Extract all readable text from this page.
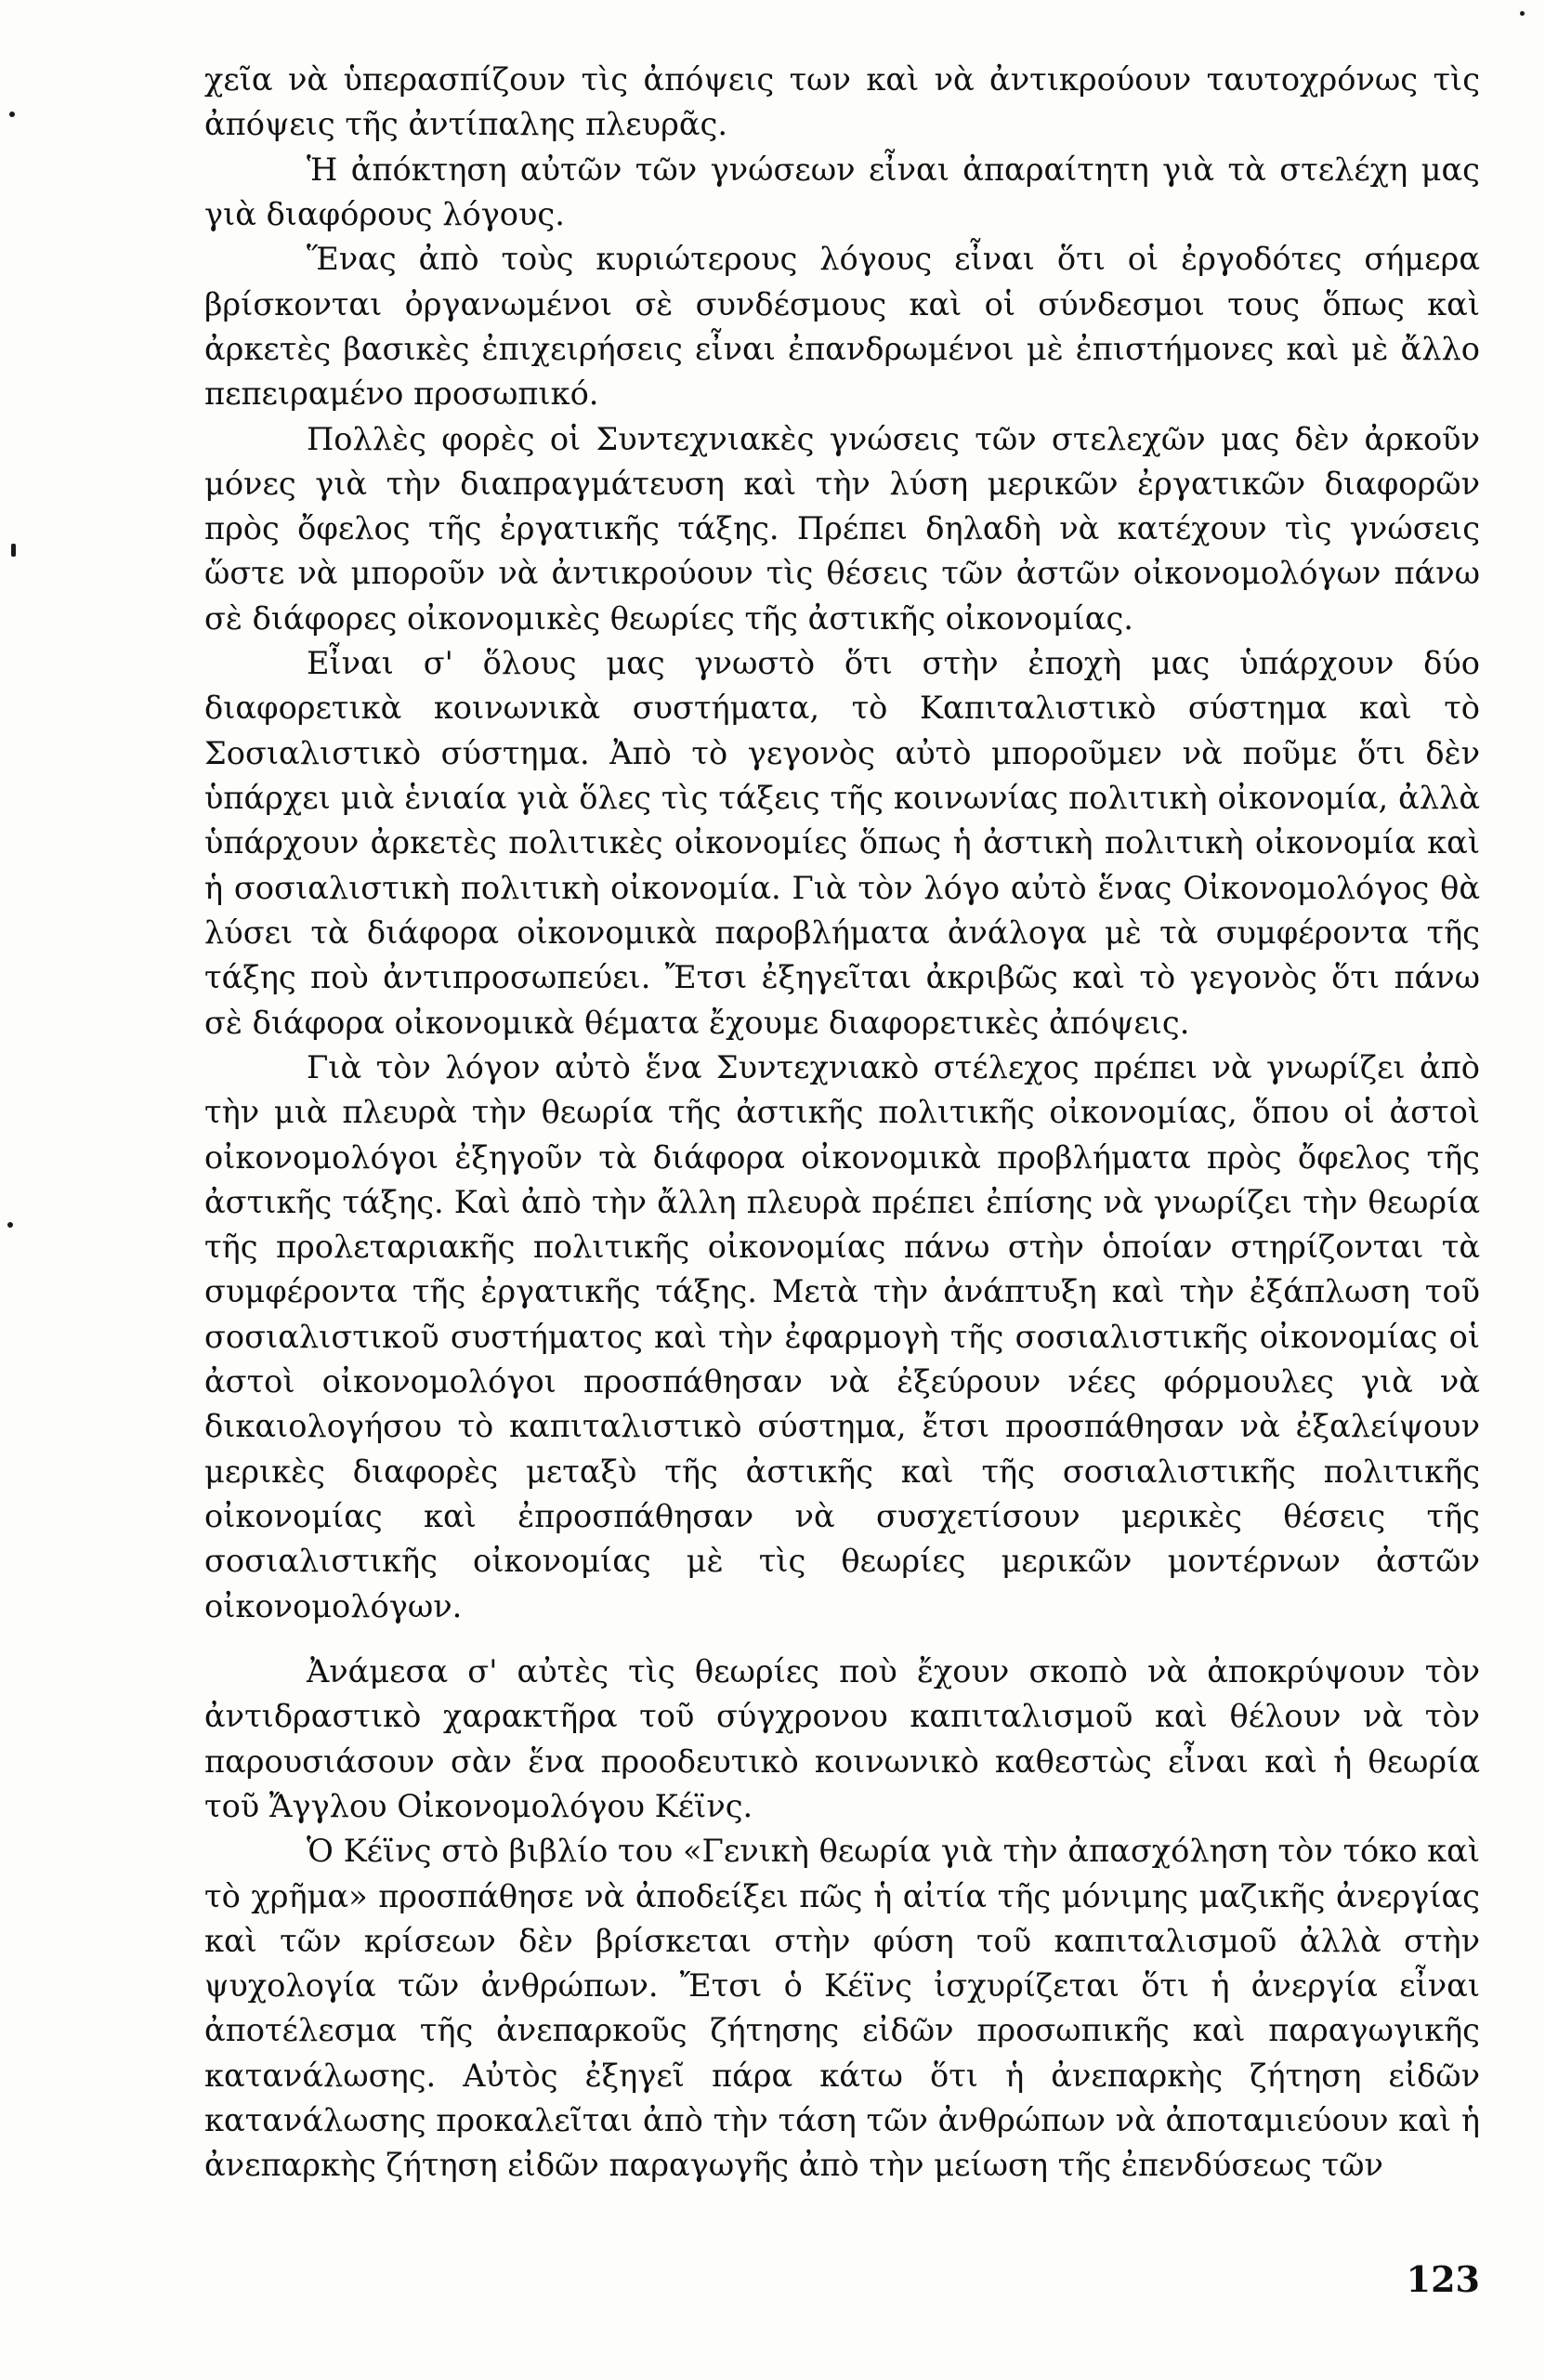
χεῖα νὰ ὑπερασπίζουν τὶς ἀπόψεις των καὶ νὰ ἀντικρούουν ταυτοχρόνως τὶς ἀπόψεις τῆς ἀντίπαλης πλευρᾶς.

Ἡ ἀπόκτηση αὐτῶν τῶν γνώσεων εἶναι ἀπαραίτητη γιὰ τὰ στελέχη μας γιὰ διαφόρους λόγους.

Ἕνας ἀπὸ τοὺς κυριώτερους λόγους εἶναι ὅτι οἱ ἐργοδότες σήμερα βρίσκονται ὀργανωμένοι σὲ συνδέσμους καὶ οἱ σύνδεσμοι τους ὅπως καὶ ἀρκετὲς βασικὲς ἐπιχειρήσεις εἶναι ἐπανδρωμένοι μὲ ἐπιστήμονες καὶ μὲ ἄλλο πεπειραμένο προσωπικό.

Πολλὲς φορὲς οἱ Συντεχνιακὲς γνώσεις τῶν στελεχῶν μας δὲν ἀρκοῦν μόνες γιὰ τὴν διαπραγμάτευση καὶ τὴν λύση μερικῶν ἐργατικῶν διαφορῶν πρὸς ὄφελος τῆς ἐργατικῆς τάξης. Πρέπει δηλαδὴ νὰ κατέχουν τὶς γνώσεις ὥστε νὰ μποροῦν νὰ ἀντικρούουν τὶς θέσεις τῶν ἀστῶν οἰκονομολόγων πάνω σὲ διάφορες οἰκονομικὲς θεωρίες τῆς ἀστικῆς οἰκονομίας.

Εἶναι σ' ὅλους μας γνωστὸ ὅτι στὴν ἐποχὴ μας ὑπάρχουν δύο διαφορετικὰ κοινωνικὰ συστήματα, τὸ Καπιταλιστικὸ σύστημα καὶ τὸ Σοσιαλιστικὸ σύστημα. Ἀπὸ τὸ γεγονὸς αὐτὸ μποροῦμεν νὰ ποῦμε ὅτι δὲν ὑπάρχει μιὰ ἑνιαία γιὰ ὅλες τὶς τάξεις τῆς κοινωνίας πολιτικὴ οἰκονομία, ἀλλὰ ὑπάρχουν ἀρκετὲς πολιτικὲς οἰκονομίες ὅπως ἡ ἀστικὴ πολιτικὴ οἰκονομία καὶ ἡ σοσιαλιστικὴ πολιτικὴ οἰκονομία. Γιὰ τὸν λόγο αὐτὸ ἕνας Οἰκονομολόγος θὰ λύσει τὰ διάφορα οἰκονομικὰ παροβλήματα ἀνάλογα μὲ τὰ συμφέροντα τῆς τάξης ποὺ ἀντιπροσωπεύει. Ἔτσι ἐξηγεῖται ἀκριβῶς καὶ τὸ γεγονὸς ὅτι πάνω σὲ διάφορα οἰκονομικὰ θέματα ἔχουμε διαφορετικὲς ἀπόψεις.

Γιὰ τὸν λόγον αὐτὸ ἕνα Συντεχνιακὸ στέλεχος πρέπει νὰ γνωρίζει ἀπὸ τὴν μιὰ πλευρὰ τὴν θεωρία τῆς ἀστικῆς πολιτικῆς οἰκονομίας, ὅπου οἱ ἀστοὶ οἰκονομολόγοι ἐξηγοῦν τὰ διάφορα οἰκονομικὰ προβλήματα πρὸς ὄφελος τῆς ἀστικῆς τάξης. Καὶ ἀπὸ τὴν ἄλλη πλευρὰ πρέπει ἐπίσης νὰ γνωρίζει τὴν θεωρία τῆς προλεταριακῆς πολιτικῆς οἰκονομίας πάνω στὴν ὁποίαν στηρίζονται τὰ συμφέροντα τῆς ἐργατικῆς τάξης. Μετὰ τὴν ἀνάπτυξη καὶ τὴν ἐξάπλωση τοῦ σοσιαλιστικοῦ συστήματος καὶ τὴν ἐφαρμογὴ τῆς σοσιαλιστικῆς οἰκονομίας οἱ ἀστοὶ οἰκονομολόγοι προσπάθησαν νὰ ἐξεύρουν νέες φόρμουλες γιὰ νὰ δικαιολογήσου τὸ καπιταλιστικὸ σύστημα, ἔτσι προσπάθησαν νὰ ἐξαλείψουν μερικὲς διαφορὲς μεταξὺ τῆς ἀστικῆς καὶ τῆς σοσιαλιστικῆς πολιτικῆς οἰκονομίας καὶ ἐπροσπάθησαν νὰ συσχετίσουν μερικὲς θέσεις τῆς σοσιαλιστικῆς οἰκονομίας μὲ τὶς θεωρίες μερικῶν μοντέρνων ἀστῶν οἰκονομολόγων.

Ἀνάμεσα σ' αὐτὲς τὶς θεωρίες ποὺ ἔχουν σκοπὸ νὰ ἀποκρύψουν τὸν ἀντιδραστικὸ χαρακτῆρα τοῦ σύγχρονου καπιταλισμοῦ καὶ θέλουν νὰ τὸν παρουσιάσουν σὰν ἕνα προοδευτικὸ κοινωνικὸ καθεστὼς εἶναι καὶ ἡ θεωρία τοῦ Ἄγγλου Οἰκονομολόγου Κέϊνς.

Ὁ Κέϊνς στὸ βιβλίο του «Γενικὴ θεωρία γιὰ τὴν ἀπασχόληση τὸν τόκο καὶ τὸ χρῆμα» προσπάθησε νὰ ἀποδείξει πῶς ἡ αἰτία τῆς μόνιμης μαζικῆς ἀνεργίας καὶ τῶν κρίσεων δὲν βρίσκεται στὴν φύση τοῦ καπιταλισμοῦ ἀλλὰ στὴν ψυχολογία τῶν ἀνθρώπων. Ἔτσι ὁ Κέϊνς ἰσχυρίζεται ὅτι ἡ ἀνεργία εἶναι ἀποτέλεσμα τῆς ἀνεπαρκοῦς ζήτησης εἰδῶν προσωπικῆς καὶ παραγωγικῆς κατανάλωσης. Αὐτὸς ἐξηγεῖ πάρα κάτω ὅτι ἡ ἀνεπαρκὴς ζήτηση εἰδῶν κατανάλωσης προκαλεῖται ἀπὸ τὴν τάση τῶν ἀνθρώπων νὰ ἀποταμιεύουν καὶ ἡ ἀνεπαρκὴς ζήτηση εἰδῶν παραγωγῆς ἀπὸ τὴν μείωση τῆς ἐπενδύσεως τῶν

123
